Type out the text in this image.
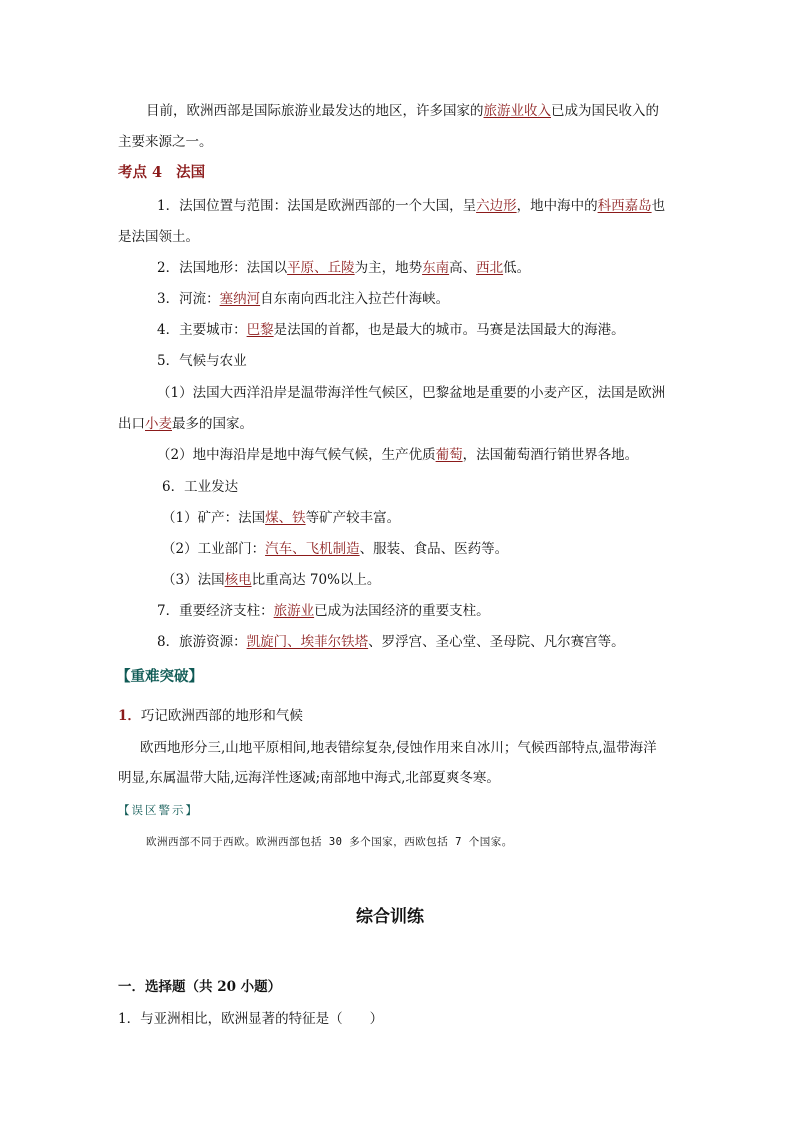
目前，欧洲西部是国际旅游业最发达的地区，许多国家的旅游业收入已成为国民收入的
主要来源之一。
考点 4 法国
1．法国位置与范围：法国是欧洲西部的一个大国，呈六边形，地中海中的科西嘉岛也
是法国领土。
2．法国地形：法国以平原、丘陵为主，地势东南高、西北低。
3．河流：塞纳河自东南向西北注入拉芒什海峡。
4．主要城市：巴黎是法国的首都，也是最大的城市。马赛是法国最大的海港。
5．气候与农业
（1）法国大西洋沿岸是温带海洋性气候区，巴黎盆地是重要的小麦产区，法国是欧洲
出口小麦最多的国家。
（2）地中海沿岸是地中海气候气候，生产优质葡萄，法国葡萄酒行销世界各地。
6．工业发达
（1）矿产：法国煤、铁等矿产较丰富。
（2）工业部门：汽车、飞机制造、服装、食品、医药等。
（3）法国核电比重高达 70%以上。
7．重要经济支柱：旅游业已成为法国经济的重要支柱。
8．旅游资源：凯旋门、埃菲尔铁塔、罗浮宫、圣心堂、圣母院、凡尔赛宫等。
【重难突破】
1．巧记欧洲西部的地形和气候
欧西地形分三,山地平原相间,地表错综复杂,侵蚀作用来自冰川；气候西部特点,温带海洋
明显,东属温带大陆,远海洋性逐减;南部地中海式,北部夏爽冬寒。
【误区警示】
欧洲西部不同于西欧。欧洲西部包括 30 多个国家，西欧包括 7 个国家。
综合训练
一．选择题（共 20 小题）
1．与亚洲相比，欧洲显著的特征是（　　）
